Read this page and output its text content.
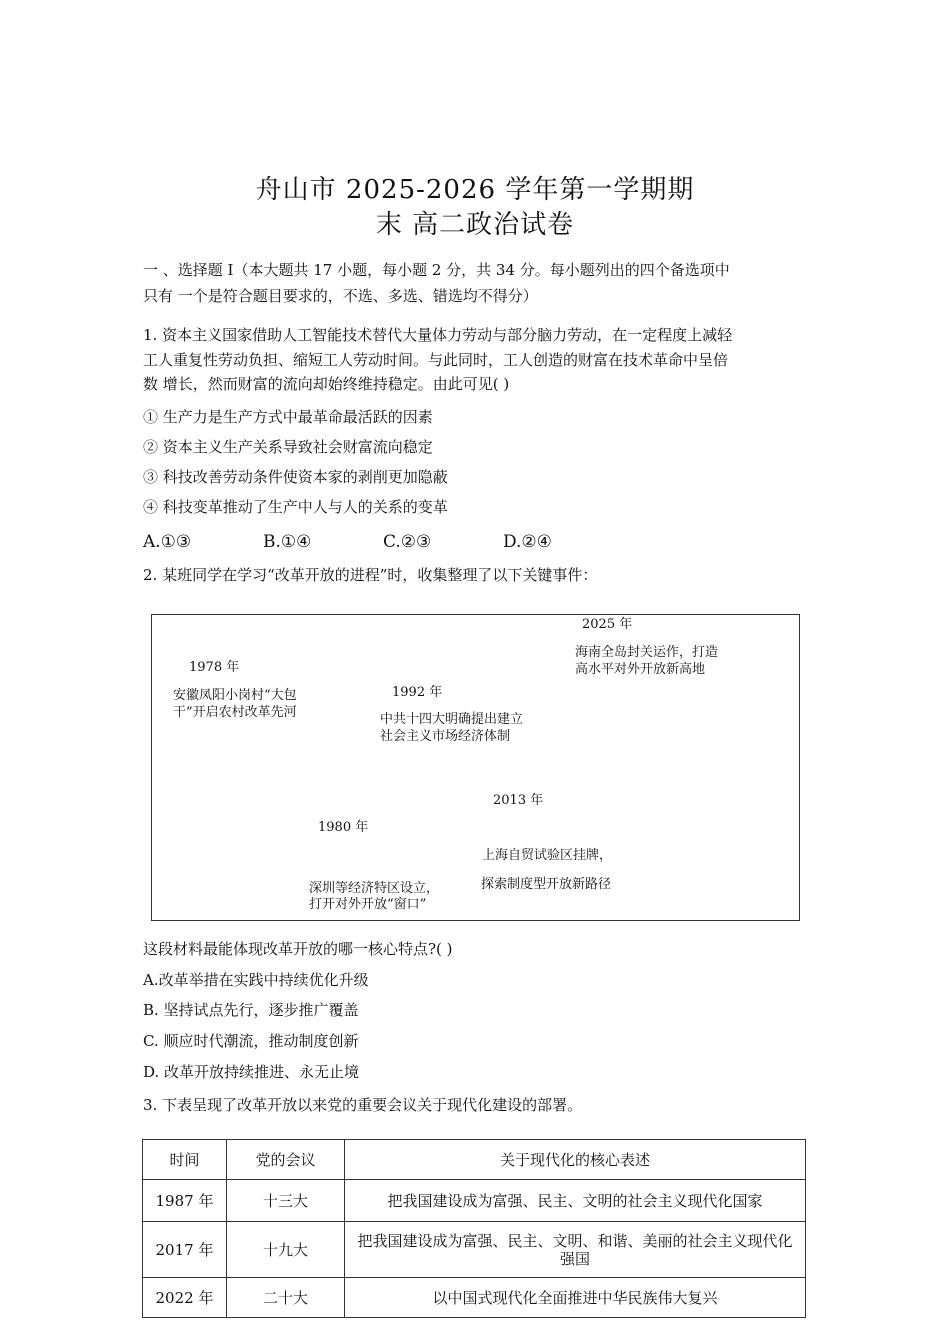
舟山市 2025-2026 学年第一学期期
末 高二政治试卷
一 、选择题 Ⅰ（本大题共 17 小题，每小题 2 分，共 34 分。每小题列出的四个备选项中
只有 一个是符合题目要求的，不选、多选、错选均不得分）
1. 资本主义国家借助人工智能技术替代大量体力劳动与部分脑力劳动，在一定程度上减轻
工人重复性劳动负担、缩短工人劳动时间。与此同时，工人创造的财富在技术革命中呈倍
数 增长，然而财富的流向却始终维持稳定。由此可见( )
① 生产力是生产方式中最革命最活跃的因素
② 资本主义生产关系导致社会财富流向稳定
③ 科技改善劳动条件使资本家的剥削更加隐蔽
④ 科技变革推动了生产中人与人的关系的变革
A.①③	B.①④	C.②③	D.②④
2. 某班同学在学习“改革开放的进程”时，收集整理了以下关键事件：
1978 年
安徽凤阳小岗村“大包
干”开启农村改革先河
1980 年
深圳等经济特区设立，
打开对外开放“窗口”
1992 年
中共十四大明确提出建立
社会主义市场经济体制
2013 年
上海自贸试验区挂牌，
探索制度型开放新路径
2025 年
海南全岛封关运作，打造
高水平对外开放新高地
这段材料最能体现改革开放的哪一核心特点?( )
A.改革举措在实践中持续优化升级
B. 坚持试点先行，逐步推广覆盖
C. 顺应时代潮流，推动制度创新
D. 改革开放持续推进、永无止境
3. 下表呈现了改革开放以来党的重要会议关于现代化建设的部署。
时间	党的会议	关于现代化的核心表述
1987 年	十三大	把我国建设成为富强、民主、文明的社会主义现代化国家
2017 年	十九大	把我国建设成为富强、民主、文明、和谐、美丽的社会主义现代化强国
2022 年	二十大	以中国式现代化全面推进中华民族伟大复兴
